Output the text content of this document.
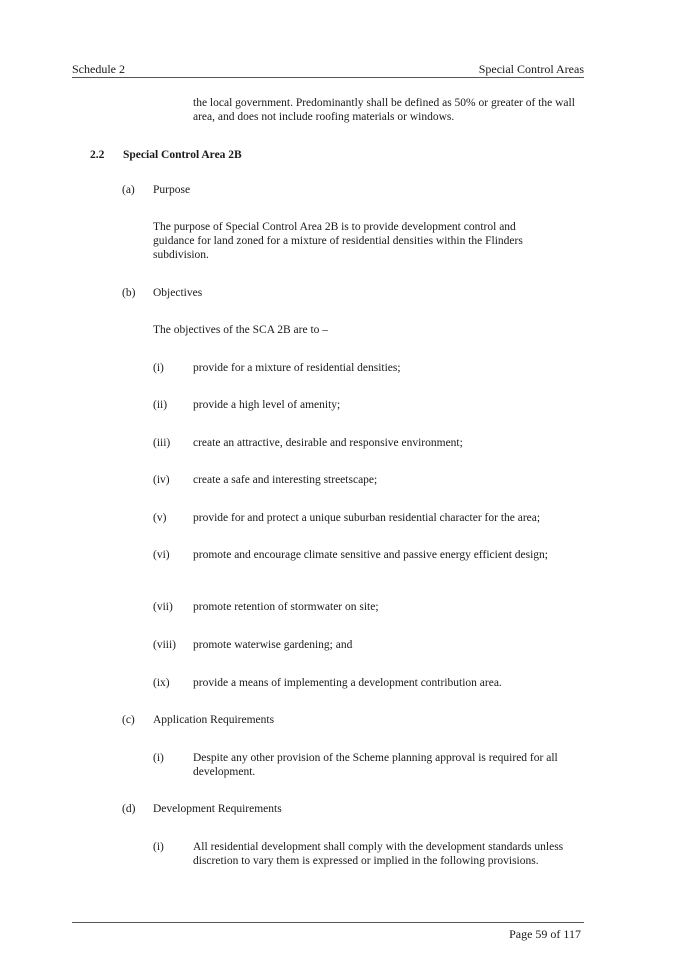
Schedule 2	Special Control Areas
the local government. Predominantly shall be defined as 50% or greater of the wall area, and does not include roofing materials or windows.
2.2 Special Control Area 2B
(a) Purpose
The purpose of Special Control Area 2B is to provide development control and guidance for land zoned for a mixture of residential densities within the Flinders subdivision.
(b) Objectives
The objectives of the SCA 2B are to –
(i)	provide for a mixture of residential densities;
(ii) provide a high level of amenity;
(iii) create an attractive, desirable and responsive environment;
(iv) create a safe and interesting streetscape;
(v) provide for and protect a unique suburban residential character for the area;
(vi) promote and encourage climate sensitive and passive energy efficient design;
(vii) promote retention of stormwater on site;
(viii) promote waterwise gardening; and
(ix) provide a means of implementing a development contribution area.
(c) Application Requirements
(i)	Despite any other provision of the Scheme planning approval is required for all development.
(d) Development Requirements
(i)	All residential development shall comply with the development standards unless discretion to vary them is expressed or implied in the following provisions.
Page 59 of 117
